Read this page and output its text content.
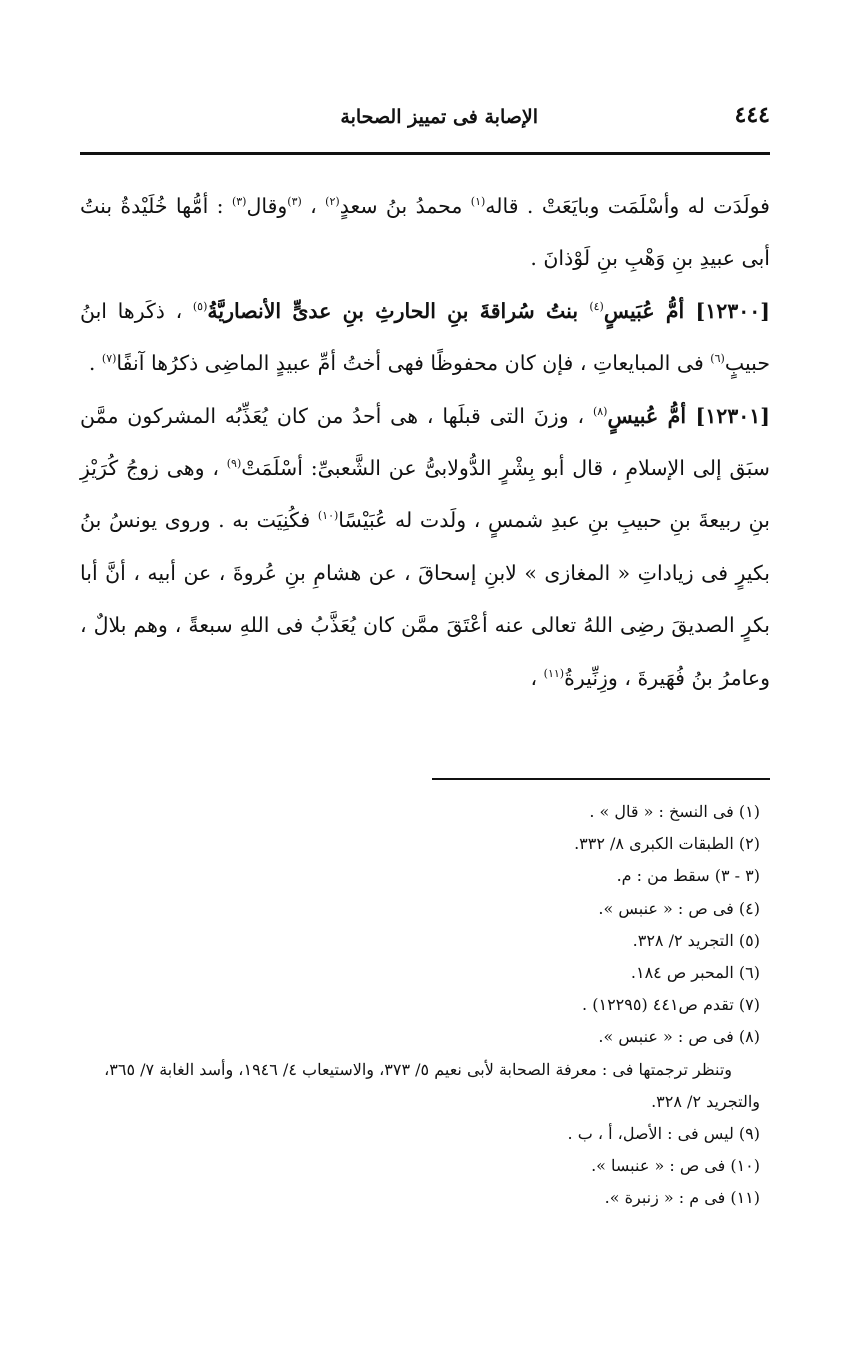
٤٤٤
الإصابة فى تمييز الصحابة

فولَدَت له وأسْلَمَت وبايَعَتْ . قاله$^{(١)}$ محمدُ بنُ سعدٍ$^{(٢)}$ ، $^{(٣)}$وقال$^{(٣)}$ : أمُّها خُلَيْدةُ بنتُ أبى عبيدِ بنِ وَهْبِ بنِ لَوْذانَ .

[١٢٣٠٠] أمُّ عُبَيسٍ$^{(٤)}$ بنتُ سُراقةَ بنِ الحارثِ بنِ عدىٍّ الأنصاريَّةُ$^{(٥)}$ ، ذكَرها ابنُ حبيبٍ$^{(٦)}$ فى المبايعاتِ ، فإن كان محفوظًا فهى أختُ أمِّ عبيدٍ الماضِى ذكرُها آنفًا$^{(٧)}$ .

[١٢٣٠١] أمُّ عُبيسٍ$^{(٨)}$ ، وزنَ التى قبلَها ، هى أحدُ من كان يُعَذِّبُه المشركون ممَّن سبَق إلى الإسلامِ ، قال أبو بِشْرٍ الدُّولابىُّ عن الشَّعبىِّ: أسْلَمَتْ$^{(٩)}$ ، وهى زوجُ كُرَيْزِ بنِ ربيعةَ بنِ حبيبِ بنِ عبدِ شمسٍ ، ولَدت له عُبَيْسًا$^{(١٠)}$ فكُنِيَت به . وروى يونسُ بنُ بكيرٍ فى زياداتِ « المغازى » لابنِ إسحاقَ ، عن هشامِ بنِ عُروةَ ، عن أبيه ، أنَّ أبا بكرٍ الصديقَ رضِى اللهُ تعالى عنه أعْتَقَ ممَّن كان يُعَذَّبُ فى اللهِ سبعةً ، وهم بلالٌ ، وعامرُ بنُ فُهَيرةَ ، وزِنِّيرةُ$^{(١١)}$ ،

(١) فى النسخ : « قال » .

(٢) الطبقات الكبرى ٨/ ٣٣٢.

(٣ - ٣) سقط من : م.

(٤) فى ص : « عنبس ».

(٥) التجريد ٢/ ٣٢٨.

(٦) المحبر ص ١٨٤.

(٧) تقدم ص٤٤١ (١٢٢٩٥) .

(٨) فى ص : « عنبس ».

وتنظر ترجمتها فى : معرفة الصحابة لأبى نعيم ٥/ ٣٧٣، والاستيعاب ٤/ ١٩٤٦، وأسد الغابة ٧/ ٣٦٥، والتجريد ٢/ ٣٢٨.

(٩) ليس فى : الأصل، أ ، ب .

(١٠) فى ص : « عنبسا ».

(١١) فى م : « زنبرة ».
